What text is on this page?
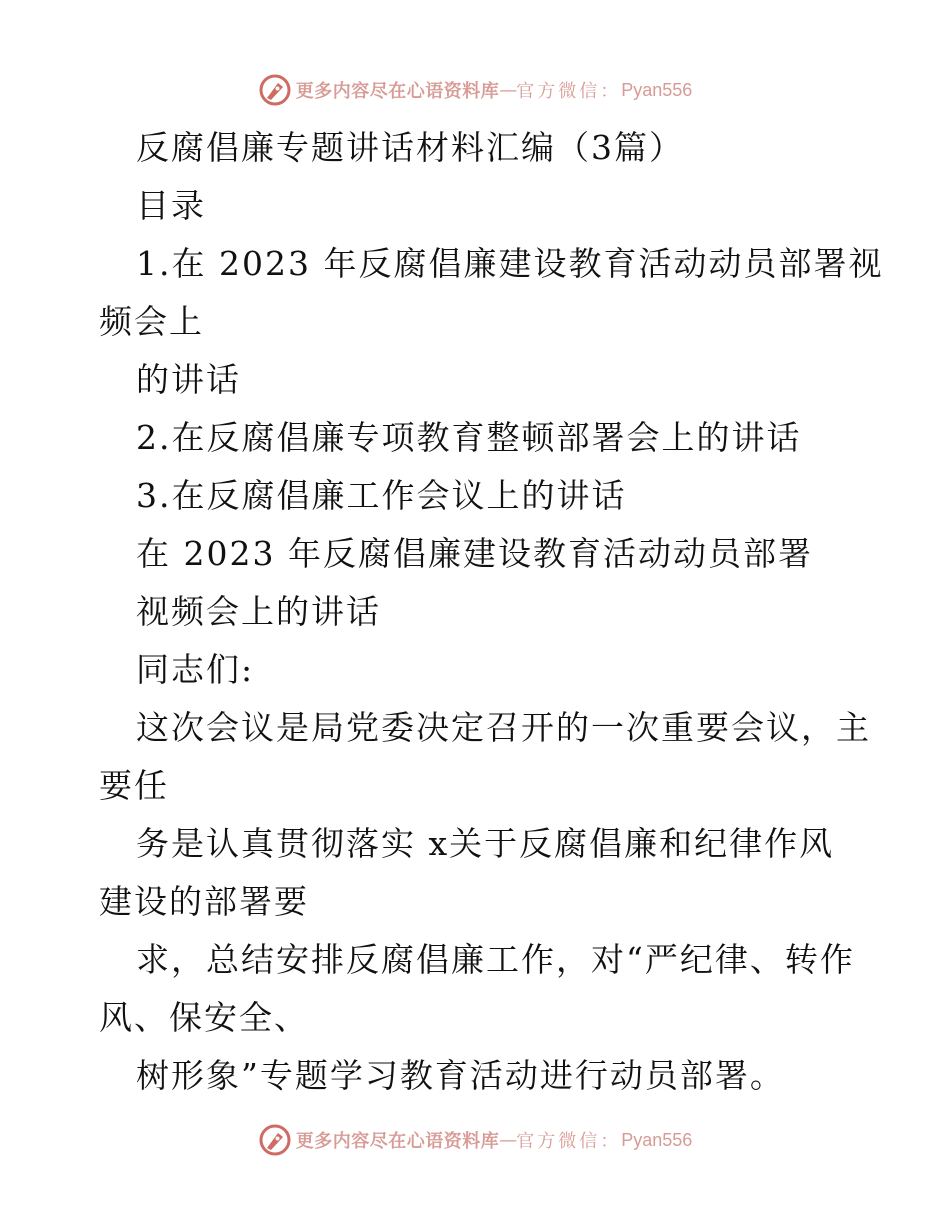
更多内容尽在心语资料库 — 官方微信： Pyan556
反腐倡廉专题讲话材料汇编（3篇）
目录
1.在 2023 年反腐倡廉建设教育活动动员部署视
频会上
的讲话
2.在反腐倡廉专项教育整顿部署会上的讲话
3.在反腐倡廉工作会议上的讲话
在 2023 年反腐倡廉建设教育活动动员部署
视频会上的讲话
同志们:
这次会议是局党委决定召开的一次重要会议，主
要任
务是认真贯彻落实 x关于反腐倡廉和纪律作风
建设的部署要
求，总结安排反腐倡廉工作，对“严纪律、转作
风、保安全、
树形象”专题学习教育活动进行动员部署。
更多内容尽在心语资料库 — 官方微信： Pyan556
